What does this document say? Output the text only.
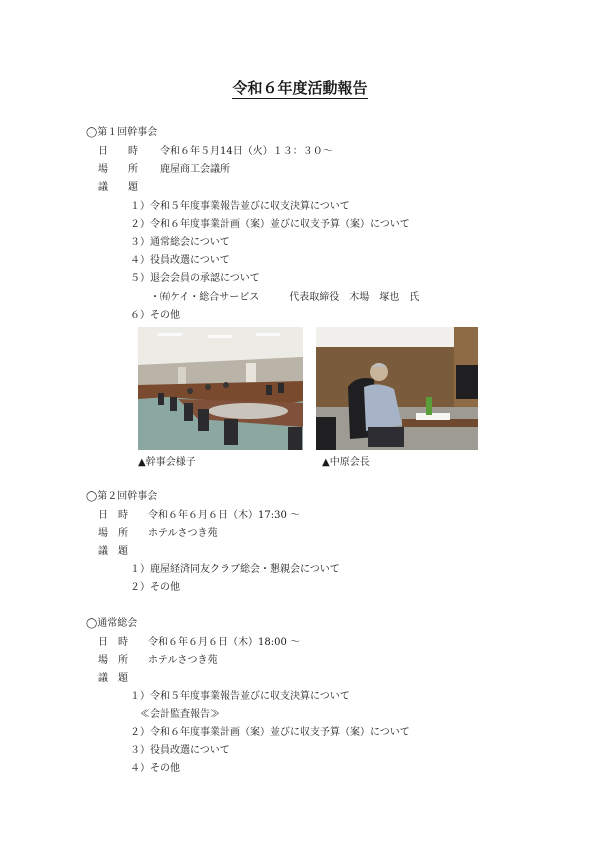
令和６年度活動報告
◯第１回幹事会
日　　時 令和６年５月14日（火）１３：３０～
場　　所 鹿屋商工会議所
議　　題
１）令和５年度事業報告並びに収支決算について
２）令和６年度事業計画（案）並びに収支予算（案）について
３）通常総会について
４）役員改選について
５）退会会員の承認について
・㈲ケイ・総合サービス　　　代表取締役　木場　塚也　氏
６）その他
▲幹事会様子	▲中原会長
◯第２回幹事会
日　時 令和６年６月６日（木）17:30 ～
場　所 ホテルさつき苑
議　題
１）鹿屋経済同友クラブ総会・懇親会について
２）その他
◯通常総会
日　時 令和６年６月６日（木）18:00 ～
場　所 ホテルさつき苑
議　題
１）令和５年度事業報告並びに収支決算について
≪会計監査報告≫
２）令和６年度事業計画（案）並びに収支予算（案）について
３）役員改選について
４）その他
